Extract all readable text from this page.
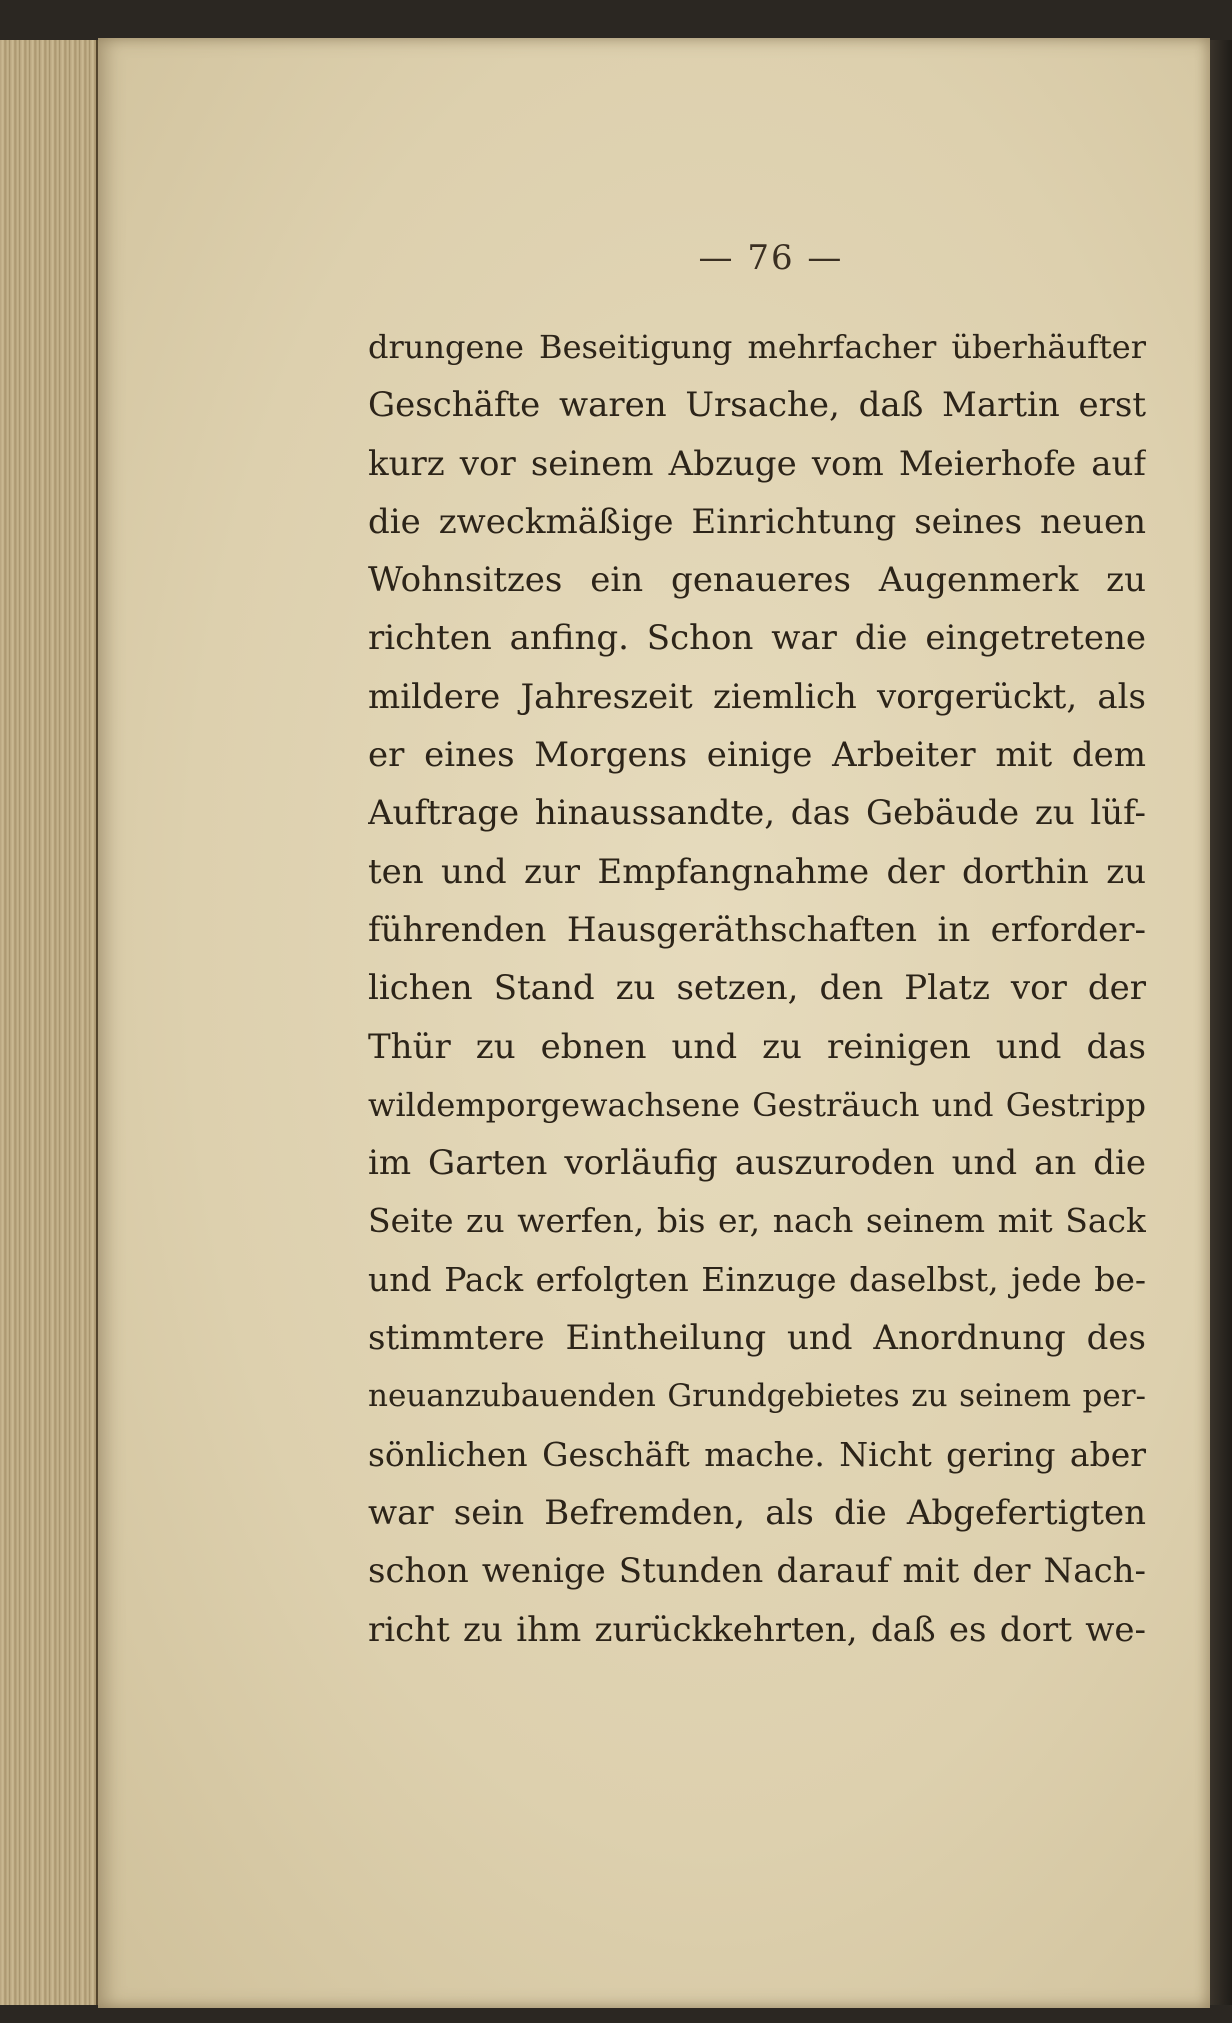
— 76 —
drungene Beseitigung mehrfacher überhäufter
Geschäfte waren Ursache, daß Martin erst
kurz vor seinem Abzuge vom Meierhofe auf
die zweckmäßige Einrichtung seines neuen
Wohnsitzes ein genaueres Augenmerk zu
richten anfing. Schon war die eingetretene
mildere Jahreszeit ziemlich vorgerückt, als
er eines Morgens einige Arbeiter mit dem
Auftrage hinaussandte, das Gebäude zu lüf-
ten und zur Empfangnahme der dorthin zu
führenden Hausgeräthschaften in erforder-
lichen Stand zu setzen, den Platz vor der
Thür zu ebnen und zu reinigen und das
wildemporgewachsene Gesträuch und Gestripp
im Garten vorläufig auszuroden und an die
Seite zu werfen, bis er, nach seinem mit Sack
und Pack erfolgten Einzuge daselbst, jede be-
stimmtere Eintheilung und Anordnung des
neuanzubauenden Grundgebietes zu seinem per-
sönlichen Geschäft mache. Nicht gering aber
war sein Befremden, als die Abgefertigten
schon wenige Stunden darauf mit der Nach-
richt zu ihm zurückkehrten, daß es dort we-
